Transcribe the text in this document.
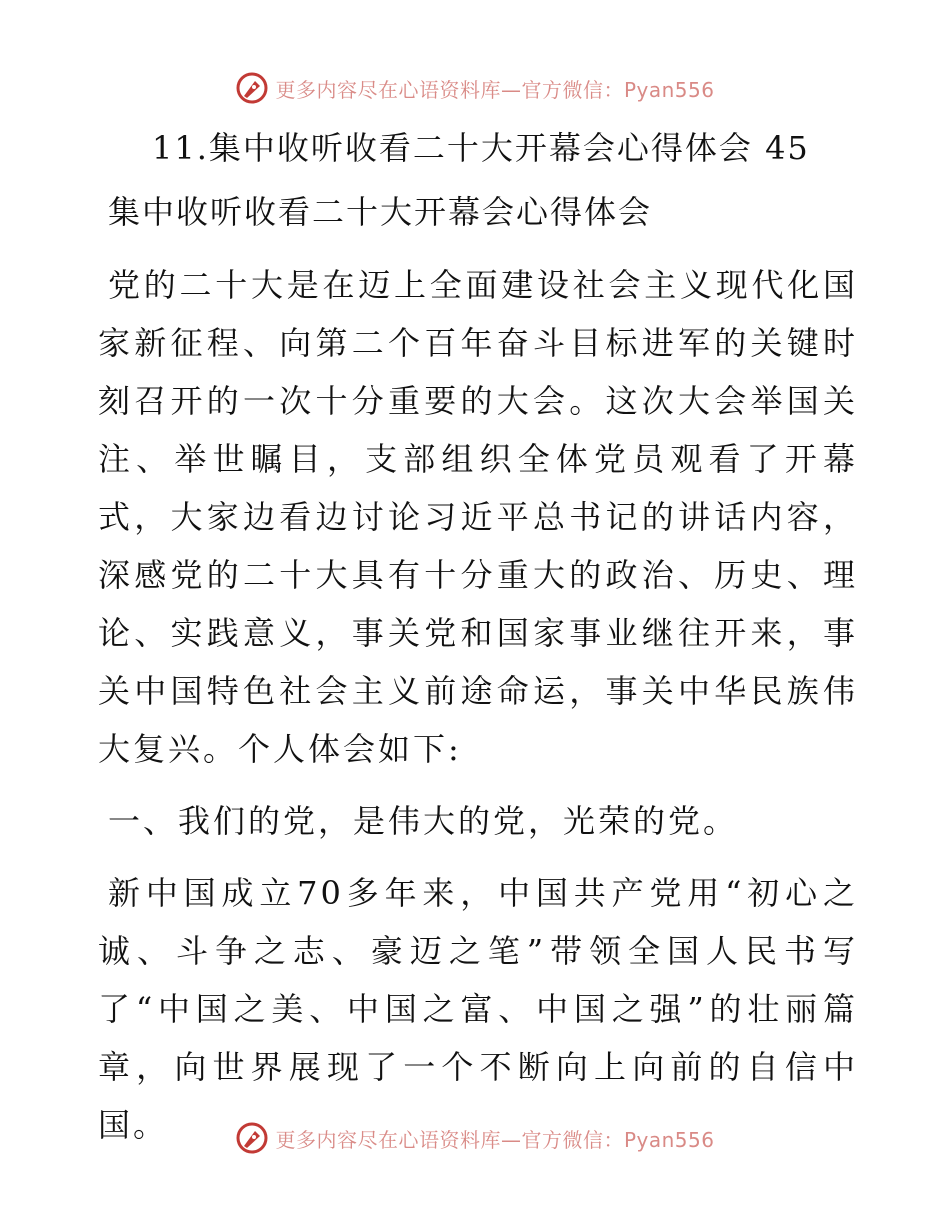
更多内容尽在心语资料库—官方微信：Pyan556
11.集中收听收看二十大开幕会心得体会 45
集中收听收看二十大开幕会心得体会

党的二十大是在迈上全面建设社会主义现代化国家新征程、向第二个百年奋斗目标进军的关键时刻召开的一次十分重要的大会。这次大会举国关注、举世瞩目，支部组织全体党员观看了开幕式，大家边看边讨论习近平总书记的讲话内容，深感党的二十大具有十分重大的政治、历史、理论、实践意义，事关党和国家事业继往开来，事关中国特色社会主义前途命运，事关中华民族伟大复兴。个人体会如下:

一、我们的党，是伟大的党，光荣的党。

新中国成立70多年来，中国共产党用“初心之诚、斗争之志、豪迈之笔”带领全国人民书写了“中国之美、中国之富、中国之强”的壮丽篇章，向世界展现了一个不断向上向前的自信中国。	更多内容尽在心语资料库—官方微信：Pyan556
